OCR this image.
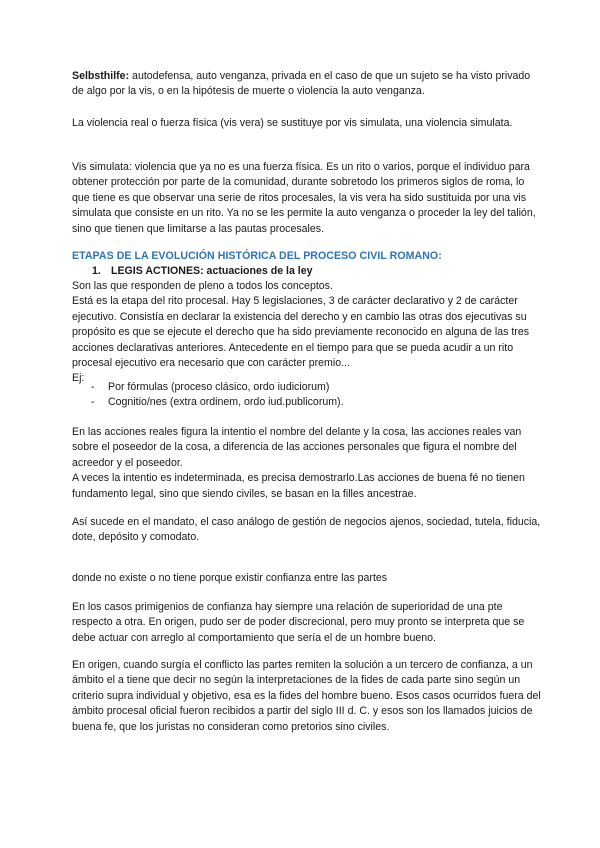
Selbsthilfe: autodefensa, auto venganza, privada en el caso de que un sujeto se ha visto privado de algo por la vis, o en la hipótesis de muerte o violencia la auto venganza.

La violencia real o fuerza física (vis vera) se sustituye por vis simulata, una violencia simulata.

Vis simulata: violencia que ya no es una fuerza física. Es un rito o varios, porque el individuo para obtener protección por parte de la comunidad, durante sobretodo los primeros siglos de roma, lo que tiene es que observar una serie de ritos procesales, la vis vera ha sido sustituida por una vis simulata que consiste en un rito. Ya no se les permite la auto venganza o proceder la ley del talión, sino que tienen que limitarse a las pautas procesales.

ETAPAS DE LA EVOLUCIÓN HISTÓRICA DEL PROCESO CIVIL ROMANO:
1. LEGIS ACTIONES: actuaciones de la ley

Son las que responden de pleno a todos los conceptos.

Está es la etapa del rito procesal. Hay 5 legislaciones, 3 de carácter declarativo y 2 de carácter ejecutivo. Consistía en declarar la existencia del derecho y en cambio las otras dos ejecutivas su propósito es que se ejecute el derecho que ha sido previamente reconocido en alguna de las tres acciones declarativas anteriores. Antecedente en el tiempo para que se pueda acudir a un rito procesal ejecutivo era necesario que con carácter premio...

Ej:

- Por fórmulas (proceso clásico, ordo iudiciorum)
- Cognitio/nes (extra ordinem, ordo iud.publicorum).

En las acciones reales figura la intentio el nombre del delante y la cosa, las acciones reales van sobre el poseedor de la cosa, a diferencia de las acciones personales que figura el nombre del acreedor y el poseedor.

A veces la intentio es indeterminada, es precisa demostrarlo.Las acciones de buena fé no tienen fundamento legal, sino que siendo civiles, se basan en la filles ancestrae.

Así sucede en el mandato, el caso análogo de gestión de negocios ajenos, sociedad, tutela, fiducia, dote, depósito y comodato.

donde no existe o no tiene porque existir confianza entre las partes

En los casos primigenios de confianza hay siempre una relación de superioridad de una pte respecto a otra. En origen, pudo ser de poder discrecional, pero muy pronto se interpreta que se debe actuar con arreglo al comportamiento que sería el de un hombre bueno.

En origen, cuando surgía el conflicto las partes remiten la solución a un tercero de confianza, a un ámbito el a tiene que decir no según la interpretaciones de la fides de cada parte sino según un criterio supra individual y objetivo, esa es la fides del hombre bueno. Esos casos ocurridos fuera del ámbito procesal oficial fueron recibidos a partir del siglo III d. C. y esos son los llamados juicios de buena fe, que los juristas no consideran como pretorios sino civiles.
